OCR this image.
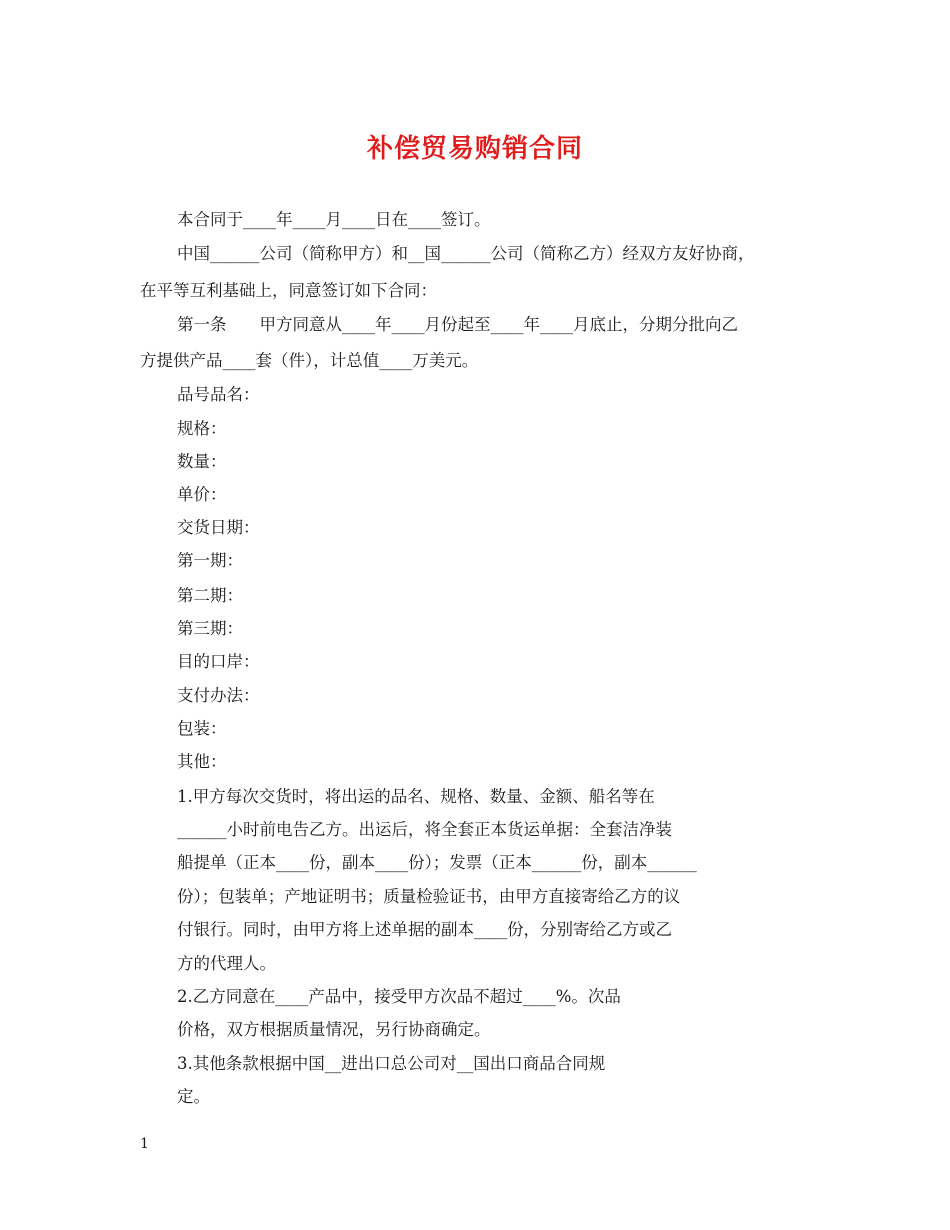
补偿贸易购销合同
本合同于____年____月____日在____签订。
中国______公司（简称甲方）和__国______公司（简称乙方）经双方友好协商，
在平等互利基础上，同意签订如下合同：
第一条　　甲方同意从____年____月份起至____年____月底止，分期分批向乙
方提供产品____套（件），计总值____万美元。
品号品名：
规格：
数量：
单价：
交货日期：
第一期：
第二期：
第三期：
目的口岸：
支付办法：
包装：
其他：
1.甲方每次交货时，将出运的品名、规格、数量、金额、船名等在
______小时前电告乙方。出运后，将全套正本货运单据：全套洁净装
船提单（正本____份，副本____份）；发票（正本______份，副本______
份）；包装单；产地证明书；质量检验证书，由甲方直接寄给乙方的议
付银行。同时，由甲方将上述单据的副本____份，分别寄给乙方或乙
方的代理人。
2.乙方同意在____产品中，接受甲方次品不超过____%。次品
价格，双方根据质量情况，另行协商确定。
3.其他条款根据中国__进出口总公司对__国出口商品合同规
定。
1
